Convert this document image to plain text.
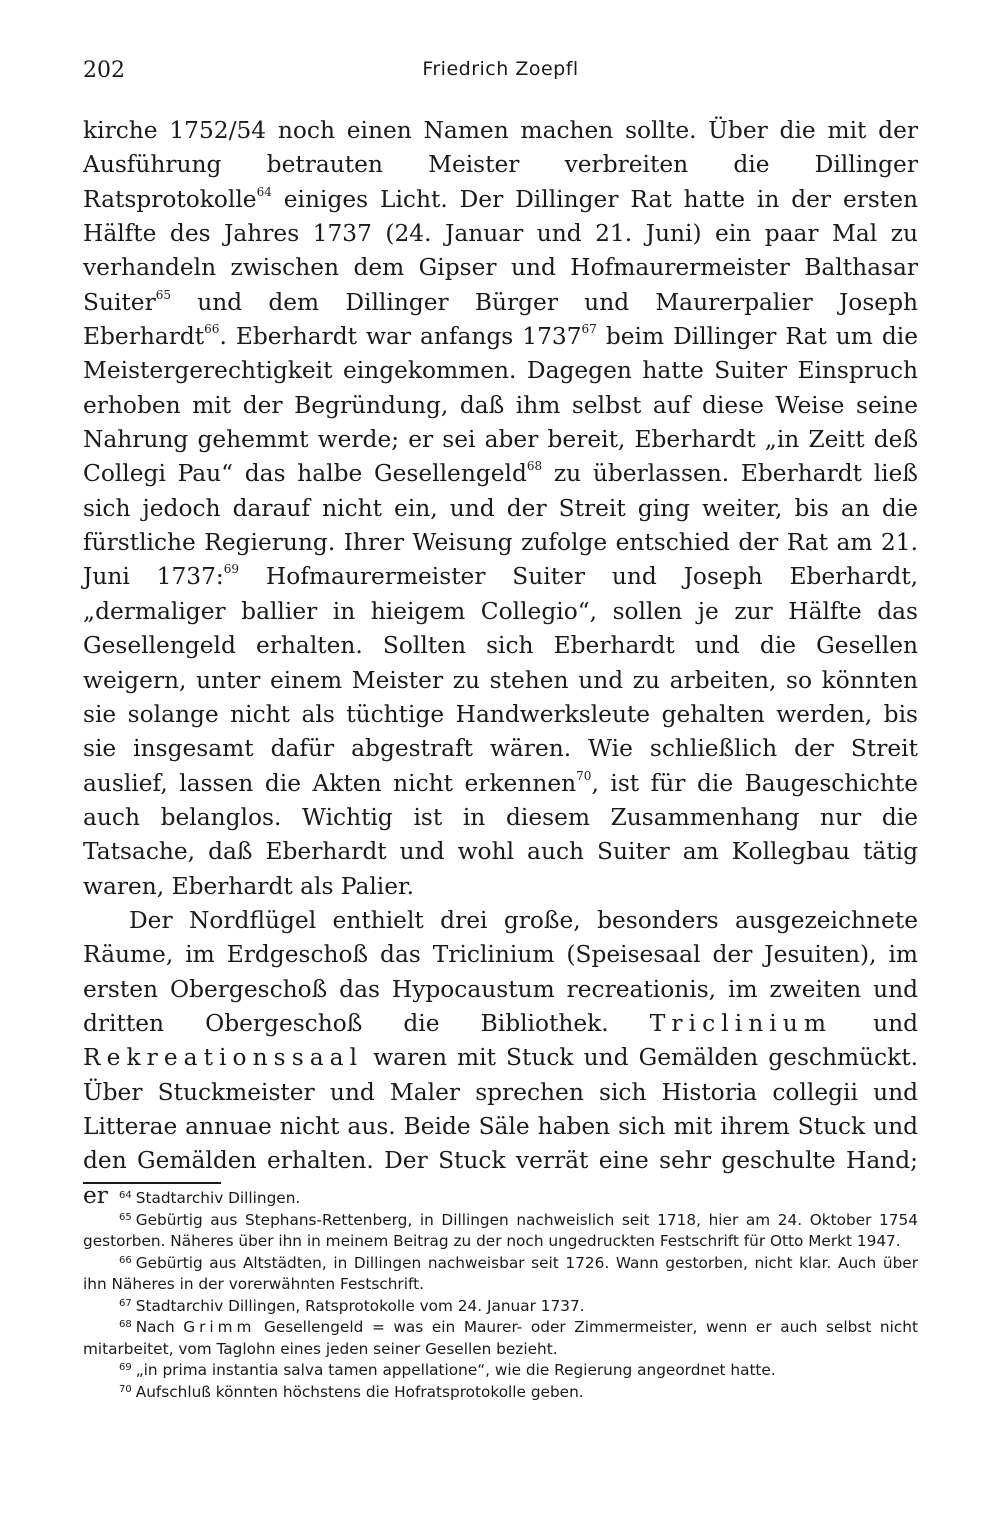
202	Friedrich Zoepfl

kirche 1752/54 noch einen Namen machen sollte. Über die mit der Ausführung betrauten Meister verbreiten die Dillinger Ratsprotokolle$^{64}$ einiges Licht. Der Dillinger Rat hatte in der ersten Hälfte des Jahres 1737 (24. Januar und 21. Juni) ein paar Mal zu verhandeln zwischen dem Gipser und Hofmaurermeister Balthasar Suiter$^{65}$ und dem Dillinger Bürger und Maurerpalier Joseph Eberhardt$^{66}$. Eberhardt war anfangs 1737$^{67}$ beim Dillinger Rat um die Meistergerechtigkeit eingekommen. Dagegen hatte Suiter Einspruch erhoben mit der Begründung, daß ihm selbst auf diese Weise seine Nahrung gehemmt werde; er sei aber bereit, Eberhardt „in Zeitt deß Collegi Pau“ das halbe Gesellengeld$^{68}$ zu überlassen. Eberhardt ließ sich jedoch darauf nicht ein, und der Streit ging weiter, bis an die fürstliche Regierung. Ihrer Weisung zufolge entschied der Rat am 21. Juni 1737:$^{69}$ Hofmaurermeister Suiter und Joseph Eberhardt, „dermaliger ballier in hieigem Collegio“, sollen je zur Hälfte das Gesellengeld erhalten. Sollten sich Eberhardt und die Gesellen weigern, unter einem Meister zu stehen und zu arbeiten, so könnten sie solange nicht als tüchtige Handwerksleute gehalten werden, bis sie insgesamt dafür abgestraft wären. Wie schließlich der Streit auslief, lassen die Akten nicht erkennen$^{70}$, ist für die Baugeschichte auch belanglos. Wichtig ist in diesem Zusammenhang nur die Tatsache, daß Eberhardt und wohl auch Suiter am Kollegbau tätig waren, Eberhardt als Palier.

Der Nordflügel enthielt drei große, besonders ausgezeichnete Räume, im Erdgeschoß das Triclinium (Speisesaal der Jesuiten), im ersten Obergeschoß das Hypocaustum recreationis, im zweiten und dritten Obergeschoß die Bibliothek. Triclinium und Rekreationssaal waren mit Stuck und Gemälden geschmückt. Über Stuckmeister und Maler sprechen sich Historia collegii und Litterae annuae nicht aus. Beide Säle haben sich mit ihrem Stuck und den Gemälden erhalten. Der Stuck verrät eine sehr geschulte Hand; er	$^{64}$ Stadtarchiv Dillingen.

$^{65}$ Gebürtig aus Stephans-Rettenberg, in Dillingen nachweislich seit 1718, hier am 24. Oktober 1754 gestorben. Näheres über ihn in meinem Beitrag zu der noch ungedruckten Festschrift für Otto Merkt 1947.

$^{66}$ Gebürtig aus Altstädten, in Dillingen nachweisbar seit 1726. Wann gestorben, nicht klar. Auch über ihn Näheres in der vorerwähnten Festschrift.

$^{67}$ Stadtarchiv Dillingen, Ratsprotokolle vom 24. Januar 1737.

$^{68}$ Nach Grimm Gesellengeld = was ein Maurer- oder Zimmermeister, wenn er auch selbst nicht mitarbeitet, vom Taglohn eines jeden seiner Gesellen bezieht.

$^{69}$ „in prima instantia salva tamen appellatione“, wie die Regierung angeordnet hatte.

$^{70}$ Aufschluß könnten höchstens die Hofratsprotokolle geben.
